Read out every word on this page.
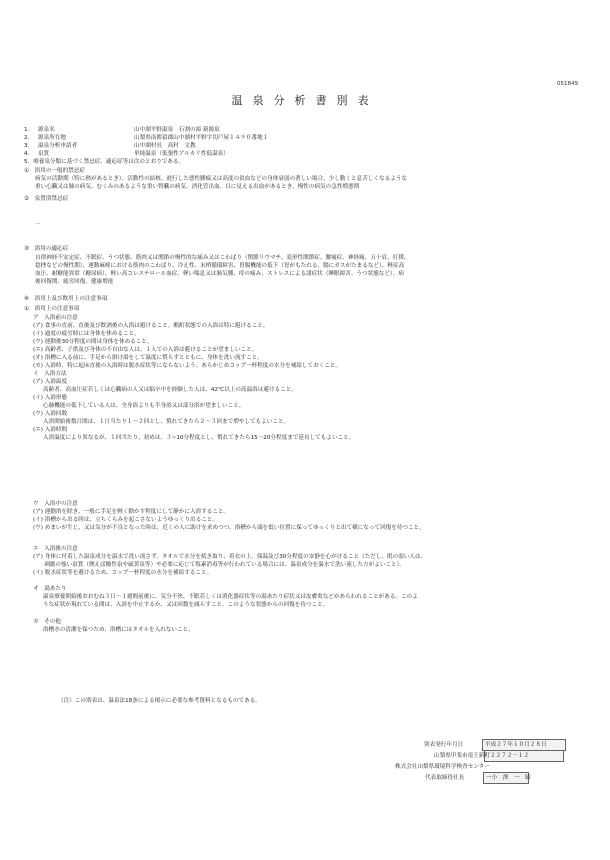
051849
温泉分析書別表
1. 源泉名	山中湖平野温泉　石割の湯 新源泉
2. 源泉所在地	山梨県南都留郡山中湖村平野字切戸屋１４９０番地１
3. 温泉分析申請者	山中湖村長　高村　文教
4. 泉質	単純温泉（低張性アルカリ性低温泉）
5．療養泉分類に基づく禁忌症、適応症等は次のとおりである。
①　浴用の一般的禁忌症
病気の活動期（特に熱があるとき）、活動性の結核、進行した悪性腫瘍又は高度の貧血などの身体衰弱の著しい場合、少し動くと息苦しくなるような
重い心臓又は肺の病気、むくみのあるような重い腎臓の病気、消化管出血、目に見える出血があるとき、慢性の病気の急性増悪期
②　泉質別禁忌症
－
③　浴用の適応症
自律神経不安定症、不眠症、うつ状態、筋肉又は関節の慢性的な痛み又はこわばり（関節リウマチ、変形性関節症、腰痛症、神経痛、五十肩、打撲、
捻挫などの慢性期）、運動麻痺における筋肉のこわばり、冷え性、末梢循環障害、胃腸機能の低下（胃がもたれる、腸にガスがたまるなど）、軽症高
血圧、耐糖能異常（糖尿病）、軽い高コレステロール血症、軽い喘息又は肺気腫、痔の痛み、ストレスによる諸症状（睡眠障害、うつ状態など）、病
後回復期、疲労回復、健康増進
④　浴用上及び飲用上の注意事項
①　浴用上の注意事項
ア　入浴前の注意
(ア) 食事の直前、直後及び飲酒後の入浴は避けること。酩酊状態での入浴は特に避けること。
(イ) 過度の疲労時には身体を休めること。
(ウ) 運動後30分程度の間は身体を休めること。
(エ) 高齢者、子供及び身体の不自由な人は、１人での入浴は避けることが望ましいこと。
(オ) 浴槽に入る前に、手足から掛け湯をして温度に慣らすとともに、身体を洗い流すこと。
(カ) 入浴時、特に起床直後の入浴時は脱水症状等にならないよう、あらかじめコップ一杯程度の水分を補給しておくこと。
イ　入浴方法
(ア) 入浴温度
高齢者、高血圧症若しくは心臓病の人又は脳卒中を経験した人は、42℃以上の高温浴は避けること。
(イ) 入浴形態
心肺機能の低下している人は、全身浴よりも半身浴又は部分浴が望ましいこと。
(ウ) 入浴回数
入浴開始後数日間は、１日当たり１～２回とし、慣れてきたら２～３回まで増やしてもよいこと。
(エ) 入浴時間
入浴温度により異なるが、１回当たり、初めは、３~10分程度とし、慣れてきたら15～20分程度まで延長してもよいこと。
ウ　入浴中の注意
(ア) 運動浴を除き、一般に手足を軽く動かす程度にして静かに入浴すること。
(イ) 浴槽から出る時は、立ちくらみを起こさないようゆっくり出ること。
(ウ) めまいが生じ、又は気分が不良となった時は、近くの人に助けを求めつつ、浴槽から頭を低い位置に保ってゆっくりと出て横になって回復を待つこと。
エ　入浴後の注意
(ア) 身体に付着した温泉成分を温水で洗い流さず、タオルで水分を拭き取り、着衣の上、保温及び30分程度の安静を心がけること（ただし、肌の弱い人は、
　　刺激の強い泉質（例えば酸性泉や硫黄泉等）や必要に応じて塩素消毒等が行われている場合には、温泉成分を温水で洗い流した方がよいこと）。
(イ) 脱水症状等を避けるため、コップ一杯程度の水分を補給すること。
オ　湯あたり
温泉療養開始後おおむね３日～１週間前後に、気分不快、不眠若しくは消化器症状等の湯あたり症状又は皮膚炎などがあらわれることがある。このよ
うな症状が現れている間は、入浴を中止するか、又は回数を減らすこと。このような状態からの回復を待つこと。
カ　その他
浴槽水の清潔を保つため、浴槽にはタオルを入れないこと。
（注）この別表は、温泉法18条による掲示に必要な参考資料となるものである。
別表発行年月日	平成２７年１０月２８日
山梨県甲斐市竜王新町２２７２－１２
株式会社山梨県環境科学検査センター
代表取締役社長	一小　澤　一　昭
